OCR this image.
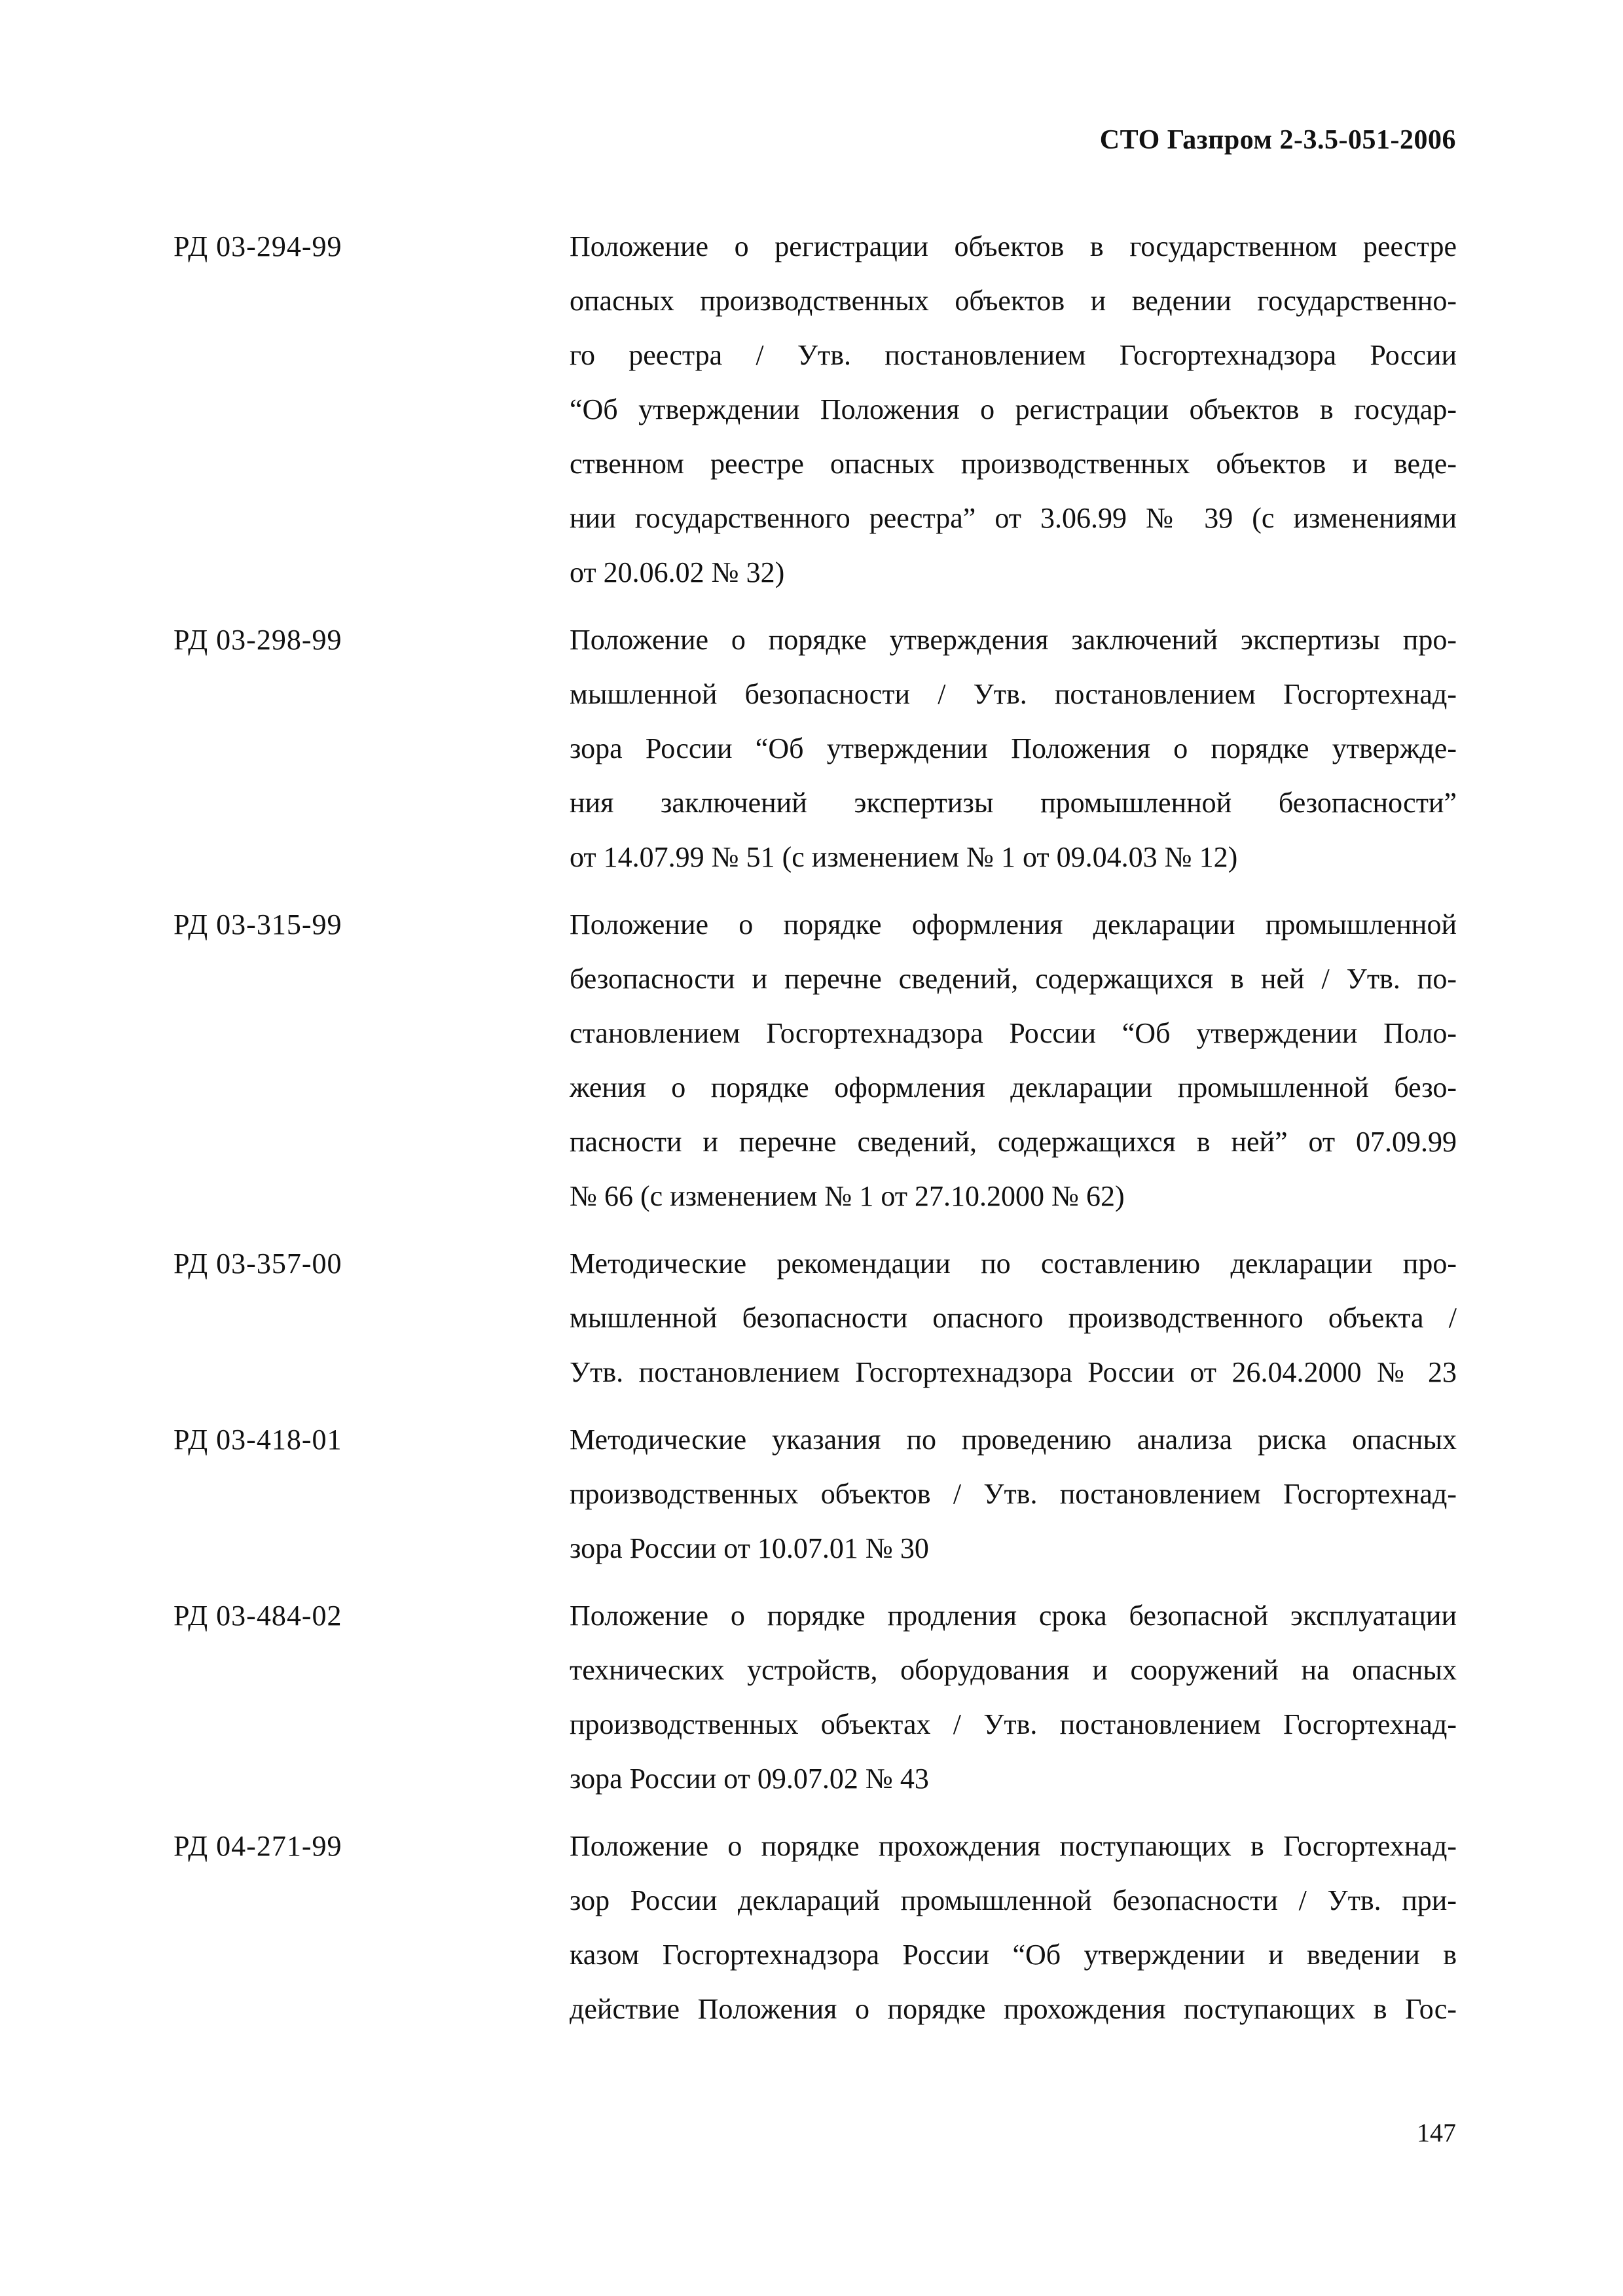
СТО Газпром 2-3.5-051-2006
РД 03-294-99	Положение о регистрации объектов в государственном реестре
опасных производственных объектов и ведении государственно-
го реестра / Утв. постановлением Госгортехнадзора России
“Об утверждении Положения о регистрации объектов в государ-
ственном реестре опасных производственных объектов и веде-
нии государственного реестра” от 3.06.99 № 39 (с изменениями
от 20.06.02 № 32)
РД 03-298-99	Положение о порядке утверждения заключений экспертизы про-
мышленной безопасности / Утв. постановлением Госгортехнад-
зора России “Об утверждении Положения о порядке утвержде-
ния заключений экспертизы промышленной безопасности”
от 14.07.99 № 51 (с изменением № 1 от 09.04.03 № 12)
РД 03-315-99	Положение о порядке оформления декларации промышленной
безопасности и перечне сведений, содержащихся в ней / Утв. по-
становлением Госгортехнадзора России “Об утверждении Поло-
жения о порядке оформления декларации промышленной безо-
пасности и перечне сведений, содержащихся в ней” от 07.09.99
№ 66 (с изменением № 1 от 27.10.2000 № 62)
РД 03-357-00	Методические рекомендации по составлению декларации про-
мышленной безопасности опасного производственного объекта /
Утв. постановлением Госгортехнадзора России от 26.04.2000 № 23
РД 03-418-01	Методические указания по проведению анализа риска опасных
производственных объектов / Утв. постановлением Госгортехнад-
зора России от 10.07.01 № 30
РД 03-484-02	Положение о порядке продления срока безопасной эксплуатации
технических устройств, оборудования и сооружений на опасных
производственных объектах / Утв. постановлением Госгортехнад-
зора России от 09.07.02 № 43
РД 04-271-99	Положение о порядке прохождения поступающих в Госгортехнад-
зор России деклараций промышленной безопасности / Утв. при-
казом Госгортехнадзора России “Об утверждении и введении в
действие Положения о порядке прохождения поступающих в Гос-
147
